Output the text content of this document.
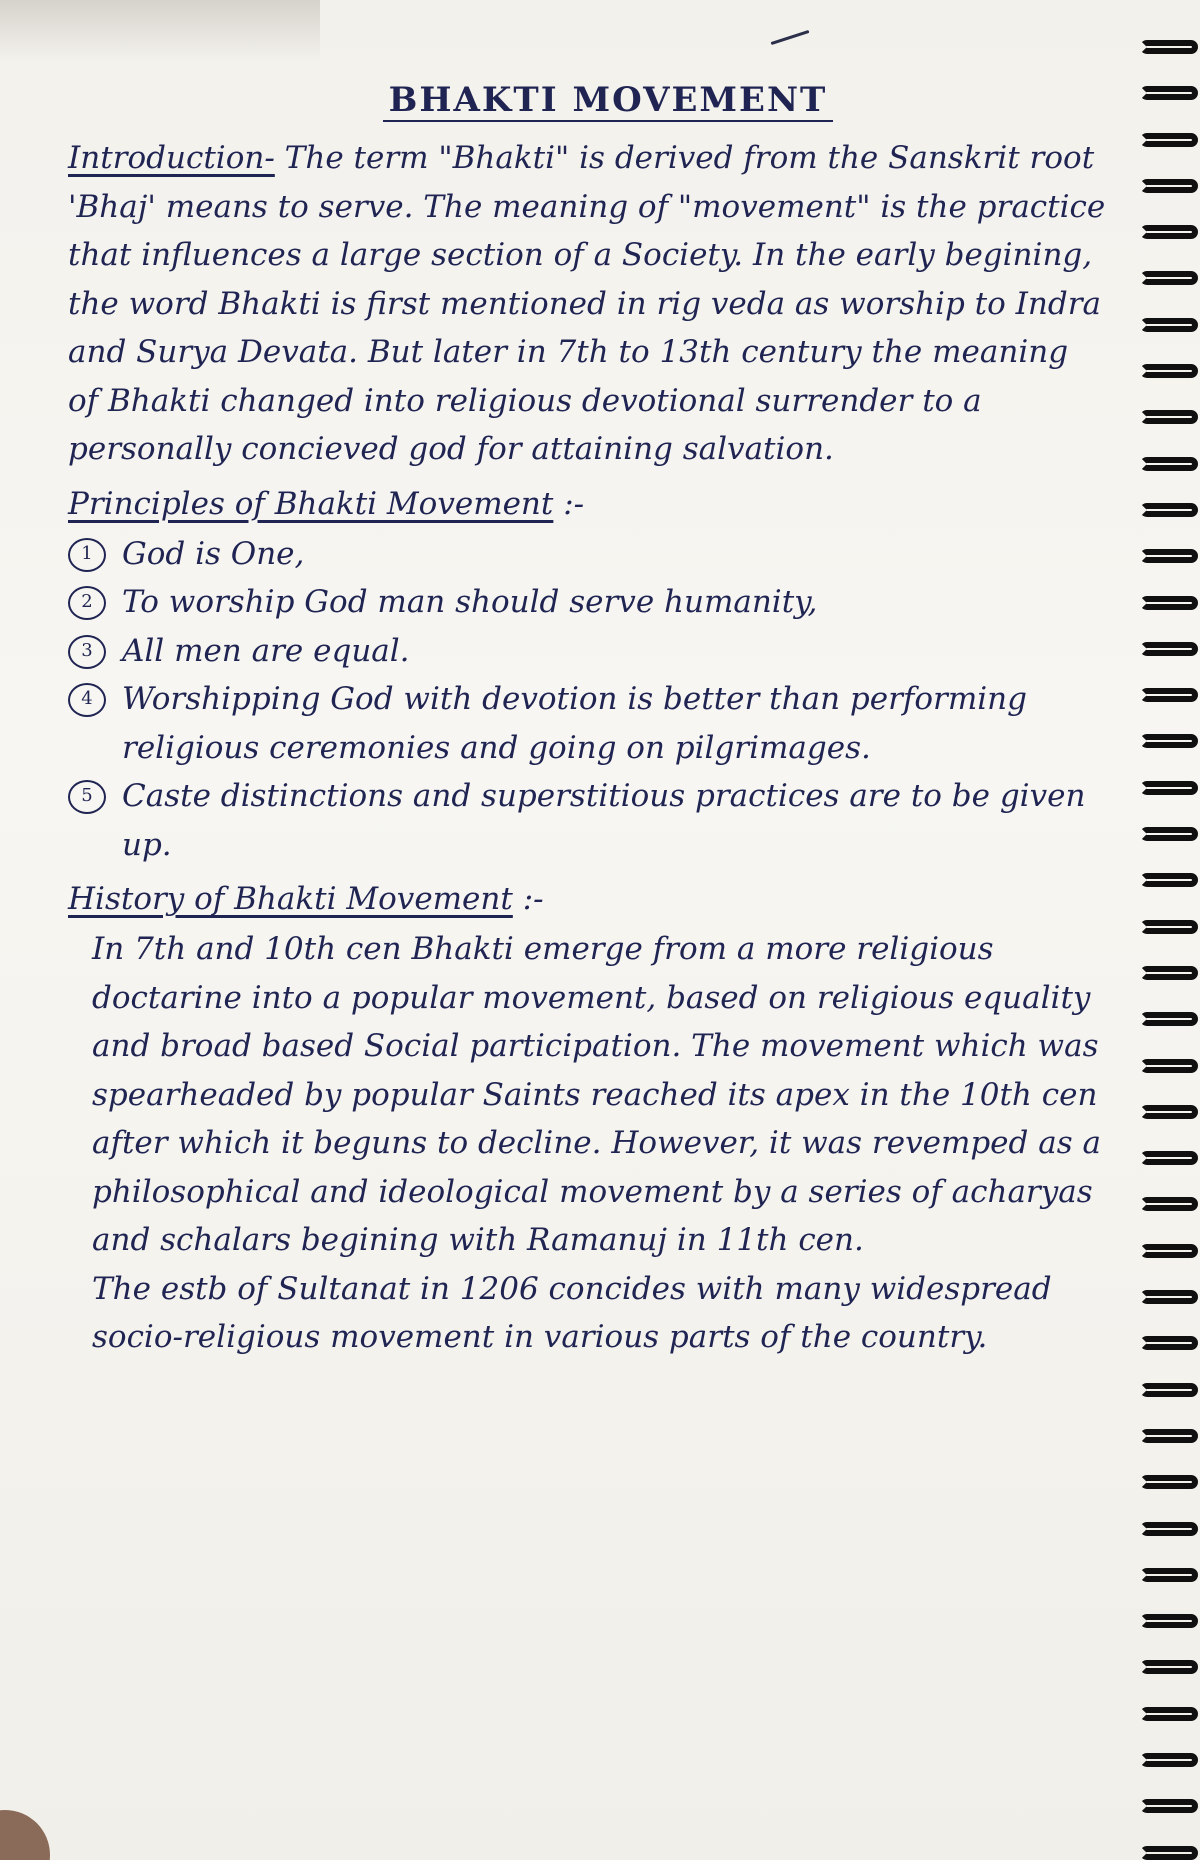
BHAKTI MOVEMENT

Introduction- The term "Bhakti" is derived from the Sanskrit root 'Bhaj' means to serve. The meaning of "movement" is the practice that influences a large section of a Society. In the early begining, the word Bhakti is first mentioned in rig veda as worship to Indra and Surya Devata. But later in 7th to 13th century the meaning of Bhakti changed into religious devotional surrender to a personally concieved god for attaining salvation.

Principles of Bhakti Movement :-
1 God is One,
2 To worship God man should serve humanity,
3 All men are equal.
4 Worshipping God with devotion is better than performing religious ceremonies and going on pilgrimages.
5 Caste distinctions and superstitious practices are to be given up.
History of Bhakti Movement :-

In 7th and 10th cen Bhakti emerge from a more religious doctarine into a popular movement, based on religious equality and broad based Social participation. The movement which was spearheaded by popular Saints reached its apex in the 10th cen after which it beguns to decline. However, it was revemped as a philosophical and ideological movement by a series of acharyas and schalars begining with Ramanuj in 11th cen.

The estb of Sultanat in 1206 concides with many widespread socio-religious movement in various parts of the country.
